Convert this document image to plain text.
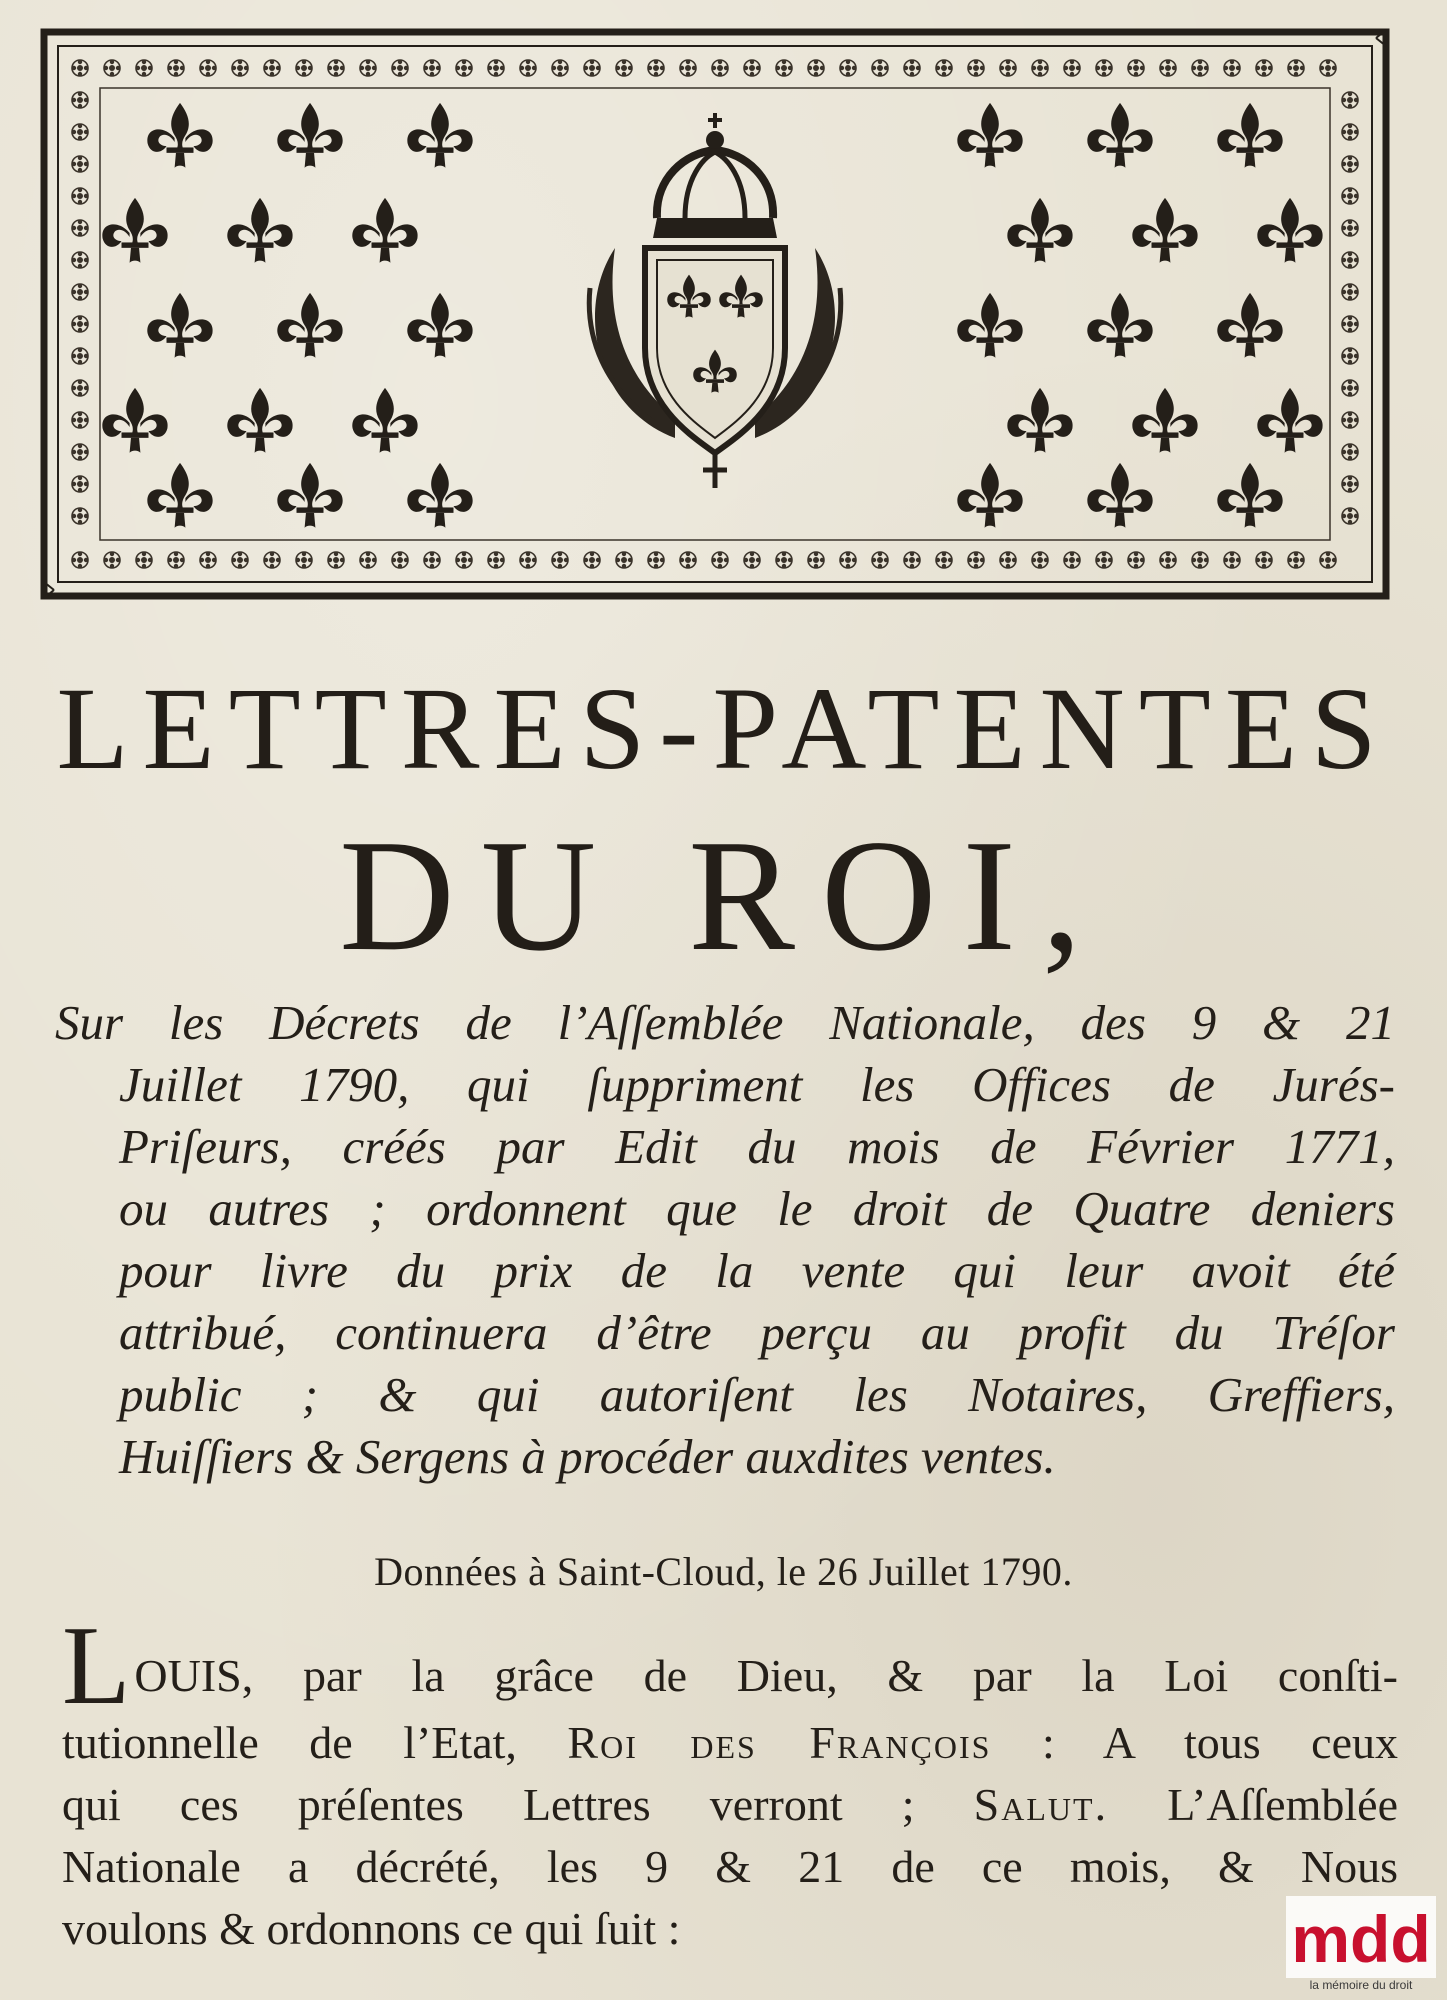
LETTRES-PATENTES
DU ROI,
Sur les Décrets de l’Aſſemblée Nationale, des 9 & 21
Juillet 1790, qui ſuppriment les Offices de Jurés-
Priſeurs, créés par Edit du mois de Février 1771,
ou autres ; ordonnent que le droit de Quatre deniers
pour livre du prix de la vente qui leur avoit été
attribué, continuera d’être perçu au profit du Tréſor
public ; & qui autoriſent les Notaires, Greffiers,
Huiſſiers & Sergens à procéder auxdites ventes.
Données à Saint-Cloud, le 26 Juillet 1790.
LOUIS, par la grâce de Dieu, & par la Loi conſti-
tutionnelle de l’Etat, Roi des François : A tous ceux
qui ces préſentes Lettres verront ; Salut. L’Aſſemblée
Nationale a décrété, les 9 & 21 de ce mois, & Nous
voulons & ordonnons ce qui ſuit :	mdd
la mémoire du droit
